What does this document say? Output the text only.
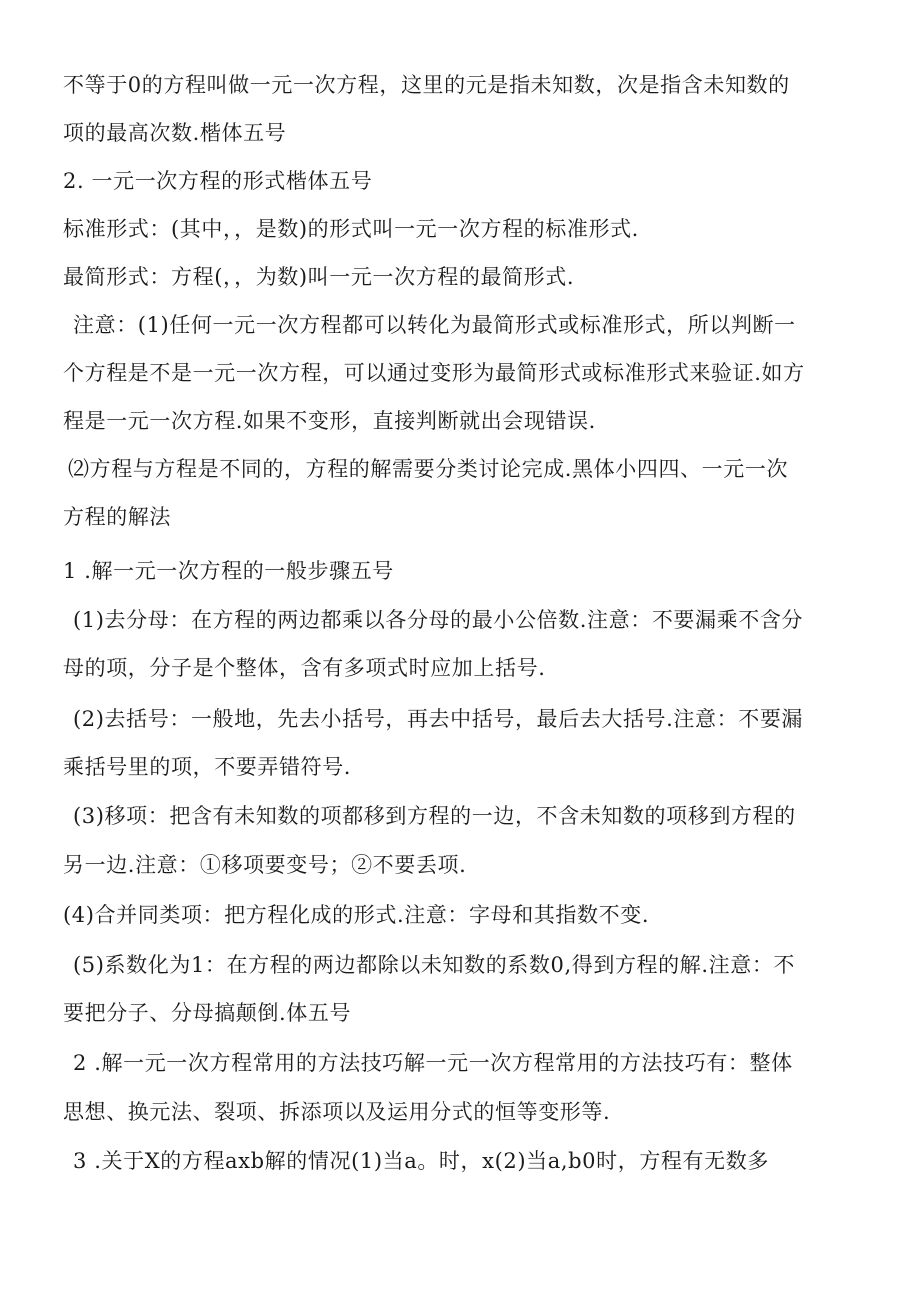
不等于0的方程叫做一元一次方程，这里的元是指未知数，次是指含未知数的
项的最高次数.楷体五号
2. 一元一次方程的形式楷体五号
标准形式：(其中，，是数)的形式叫一元一次方程的标准形式.
最简形式：方程(，，为数)叫一元一次方程的最简形式.
注意：(1)任何一元一次方程都可以转化为最简形式或标准形式，所以判断一
个方程是不是一元一次方程，可以通过变形为最简形式或标准形式来验证.如方
程是一元一次方程.如果不变形，直接判断就出会现错误.
⑵方程与方程是不同的，方程的解需要分类讨论完成.黑体小四四、一元一次
方程的解法
1 .解一元一次方程的一般步骤五号
(1)去分母：在方程的两边都乘以各分母的最小公倍数.注意：不要漏乘不含分
母的项，分子是个整体，含有多项式时应加上括号.
(2)去括号：一般地，先去小括号，再去中括号，最后去大括号.注意：不要漏
乘括号里的项，不要弄错符号.
(3)移项：把含有未知数的项都移到方程的一边，不含未知数的项移到方程的
另一边.注意：①移项要变号；②不要丢项.
(4)合并同类项：把方程化成的形式.注意：字母和其指数不变.
(5)系数化为1：在方程的两边都除以未知数的系数0,得到方程的解.注意：不
要把分子、分母搞颠倒.体五号
2 .解一元一次方程常用的方法技巧解一元一次方程常用的方法技巧有：整体
思想、换元法、裂项、拆添项以及运用分式的恒等变形等.
3 .关于X的方程axb解的情况(1)当a。时，x(2)当a,b0时，方程有无数多
